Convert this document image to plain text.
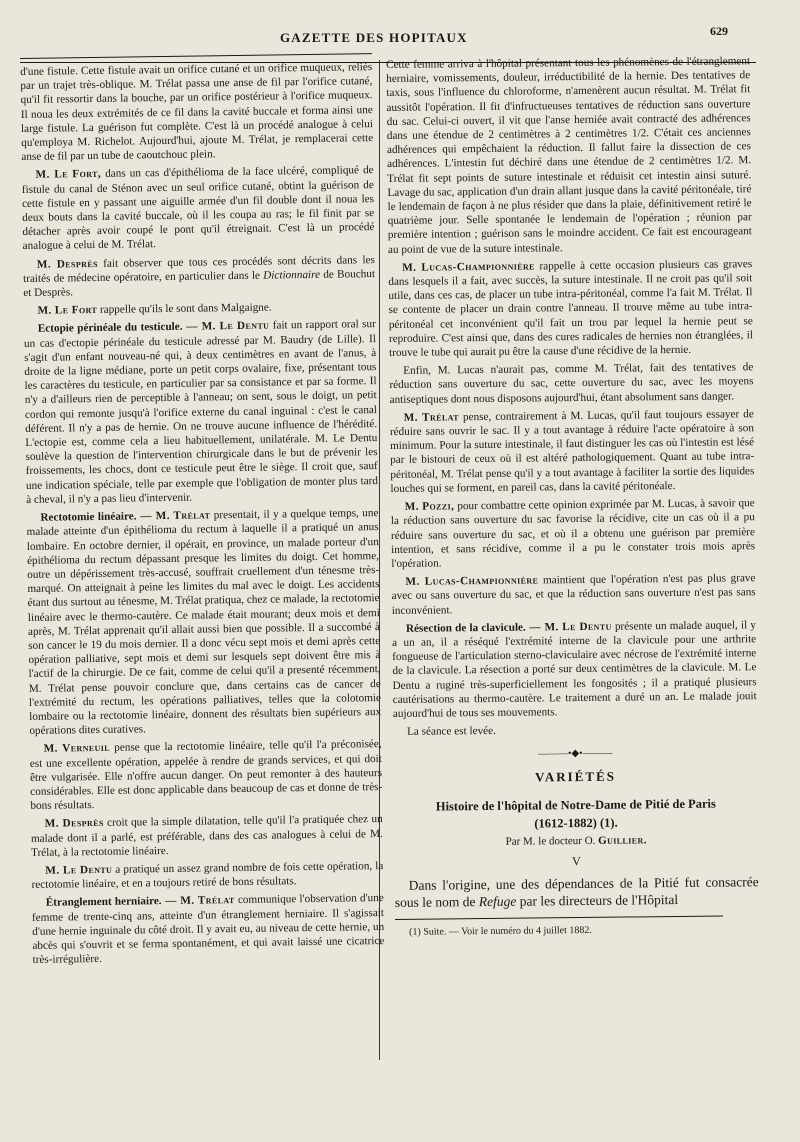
GAZETTE DES HOPITAUX	629

d'une fistule. Cette fistule avait un orifice cutané et un orifice muqueux, reliés par un trajet très-oblique. M. Trélat passa une anse de fil par l'orifice cutané, qu'il fit ressortir dans la bouche, par un orifice postérieur à l'orifice muqueux. Il noua les deux extrémités de ce fil dans la cavité buccale et forma ainsi une large fistule. La guérison fut complète. C'est là un procédé analogue à celui qu'employa M. Richelot. Aujourd'hui, ajoute M. Trélat, je remplacerai cette anse de fil par un tube de caoutchouc plein.

M. Le Fort, dans un cas d'épithélioma de la face ulcéré, compliqué de fistule du canal de Sténon avec un seul orifice cutané, obtint la guérison de cette fistule en y passant une aiguille armée d'un fil double dont il noua les deux bouts dans la cavité buccale, où il les coupa au ras; le fil finit par se détacher après avoir coupé le pont qu'il étreignait. C'est là un procédé analogue à celui de M. Trélat.

M. Desprès fait observer que tous ces procédés sont décrits dans les traités de médecine opératoire, en particulier dans le Dictionnaire de Bouchut et Desprès.

M. Le Fort rappelle qu'ils le sont dans Malgaigne.

Ectopie périnéale du testicule. — M. Le Dentu fait un rapport oral sur un cas d'ectopie périnéale du testicule adressé par M. Baudry (de Lille). Il s'agit d'un enfant nouveau-né qui, à deux centimètres en avant de l'anus, à droite de la ligne médiane, porte un petit corps ovalaire, fixe, présentant tous les caractères du testicule, en particulier par sa consistance et par sa forme. Il n'y a d'ailleurs rien de perceptible à l'anneau; on sent, sous le doigt, un petit cordon qui remonte jusqu'à l'orifice externe du canal inguinal : c'est le canal déférent. Il n'y a pas de hernie. On ne trouve aucune influence de l'hérédité. L'ectopie est, comme cela a lieu habituellement, unilatérale. M. Le Dentu soulève la question de l'intervention chirurgicale dans le but de prévenir les froissements, les chocs, dont ce testicule peut être le siège. Il croit que, sauf une indication spéciale, telle par exemple que l'obligation de monter plus tard à cheval, il n'y a pas lieu d'intervenir.

Rectotomie linéaire. — M. Trélat presentait, il y a quelque temps, une malade atteinte d'un épithélioma du rectum à laquelle il a pratiqué un anus lombaire. En octobre dernier, il opérait, en province, un malade porteur d'un épithélioma du rectum dépassant presque les limites du doigt. Cet homme, outre un dépérissement très-accusé, souffrait cruellement d'un ténesme très-marqué. On atteignait à peine les limites du mal avec le doigt. Les accidents étant dus surtout au ténesme, M. Trélat pratiqua, chez ce malade, la rectotomie linéaire avec le thermo-cautère. Ce malade était mourant; deux mois et demi après, M. Trélat apprenait qu'il allait aussi bien que possible. Il a succombé à son cancer le 19 du mois dernier. Il a donc vécu sept mois et demi après cette opération palliative, sept mois et demi sur lesquels sept doivent être mis à l'actif de la chirurgie. De ce fait, comme de celui qu'il a presenté récemment, M. Trélat pense pouvoir conclure que, dans certains cas de cancer de l'extrémité du rectum, les opérations palliatives, telles que la colotomie lombaire ou la rectotomie linéaire, donnent des résultats bien supérieurs aux opérations dites curatives.

M. Verneuil pense que la rectotomie linéaire, telle qu'il l'a préconisée, est une excellente opération, appelée à rendre de grands services, et qui doit être vulgarisée. Elle n'offre aucun danger. On peut remonter à des hauteurs considérables. Elle est donc applicable dans beaucoup de cas et donne de très-bons résultats.

M. Desprès croit que la simple dilatation, telle qu'il l'a pratiquée chez un malade dont il a parlé, est préférable, dans des cas analogues à celui de M. Trélat, à la rectotomie linéaire.

M. Le Dentu a pratiqué un assez grand nombre de fois cette opération, la rectotomie linéaire, et en a toujours retiré de bons résultats.

Étranglement herniaire. — M. Trélat communique l'observation d'une femme de trente-cinq ans, atteinte d'un étranglement herniaire. Il s'agissait d'une hernie inguinale du côté droit. Il y avait eu, au niveau de cette hernie, un abcès qui s'ouvrit et se ferma spontanément, et qui avait laissé une cicatrice très-irrégulière.

Cette femme arriva à l'hôpital présentant tous les phénomènes de l'étranglement herniaire, vomissements, douleur, irréductibilité de la hernie. Des tentatives de taxis, sous l'influence du chloroforme, n'amenèrent aucun résultat. M. Trélat fit aussitôt l'opération. Il fit d'infructueuses tentatives de réduction sans ouverture du sac. Celui-ci ouvert, il vit que l'anse herniée avait contracté des adhérences dans une étendue de 2 centimètres à 2 centimètres 1/2. C'était ces anciennes adhérences qui empêchaient la réduction. Il fallut faire la dissection de ces adhérences. L'intestin fut déchiré dans une étendue de 2 centimètres 1/2. M. Trélat fit sept points de suture intestinale et réduisit cet intestin ainsi suturé. Lavage du sac, application d'un drain allant jusque dans la cavité péritonéale, tiré le lendemain de façon à ne plus résider que dans la plaie, définitivement retiré le quatrième jour. Selle spontanée le lendemain de l'opération ; réunion par première intention ; guérison sans le moindre accident. Ce fait est encourageant au point de vue de la suture intestinale.

M. Lucas-Championnière rappelle à cette occasion plusieurs cas graves dans lesquels il a fait, avec succès, la suture intestinale. Il ne croit pas qu'il soit utile, dans ces cas, de placer un tube intra-péritonéal, comme l'a fait M. Trélat. Il se contente de placer un drain contre l'anneau. Il trouve même au tube intra-péritonéal cet inconvénient qu'il fait un trou par lequel la hernie peut se reproduire. C'est ainsi que, dans des cures radicales de hernies non étranglées, il trouve le tube qui aurait pu être la cause d'une récidive de la hernie.

Enfin, M. Lucas n'aurait pas, comme M. Trélat, fait des tentatives de réduction sans ouverture du sac, cette ouverture du sac, avec les moyens antiseptiques dont nous disposons aujourd'hui, étant absolument sans danger.

M. Trélat pense, contrairement à M. Lucas, qu'il faut toujours essayer de réduire sans ouvrir le sac. Il y a tout avantage à réduire l'acte opératoire à son minimum. Pour la suture intestinale, il faut distinguer les cas où l'intestin est lésé par le bistouri de ceux où il est altéré pathologiquement. Quant au tube intra-péritonéal, M. Trélat pense qu'il y a tout avantage à faciliter la sortie des liquides louches qui se forment, en pareil cas, dans la cavité péritonéale.

M. Pozzi, pour combattre cette opinion exprimée par M. Lucas, à savoir que la réduction sans ouverture du sac favorise la récidive, cite un cas où il a pu réduire sans ouverture du sac, et où il a obtenu une guérison par première intention, et sans récidive, comme il a pu le constater trois mois après l'opération.

M. Lucas-Championnière maintient que l'opération n'est pas plus grave avec ou sans ouverture du sac, et que la réduction sans ouverture n'est pas sans inconvénient.

Résection de la clavicule. — M. Le Dentu présente un malade auquel, il y a un an, il a réséqué l'extrémité interne de la clavicule pour une arthrite fongueuse de l'articulation sterno-claviculaire avec nécrose de l'extrémité interne de la clavicule. La résection a porté sur deux centimètres de la clavicule. M. Le Dentu a ruginé très-superficiellement les fongosités ; il a pratiqué plusieurs cautérisations au thermo-cautère. Le traitement a duré un an. Le malade jouit aujourd'hui de tous ses mouvements.

La séance est levée.

———•◆•———
VARIÉTÉS
Histoire de l'hôpital de Notre-Dame de Pitié de Paris
(1612-1882) (1).
Par M. le docteur O. Guillier.
V

Dans l'origine, une des dépendances de la Pitié fut consacrée sous le nom de Refuge par les directeurs de l'Hôpital

(1) Suite. — Voir le numéro du 4 juillet 1882.
